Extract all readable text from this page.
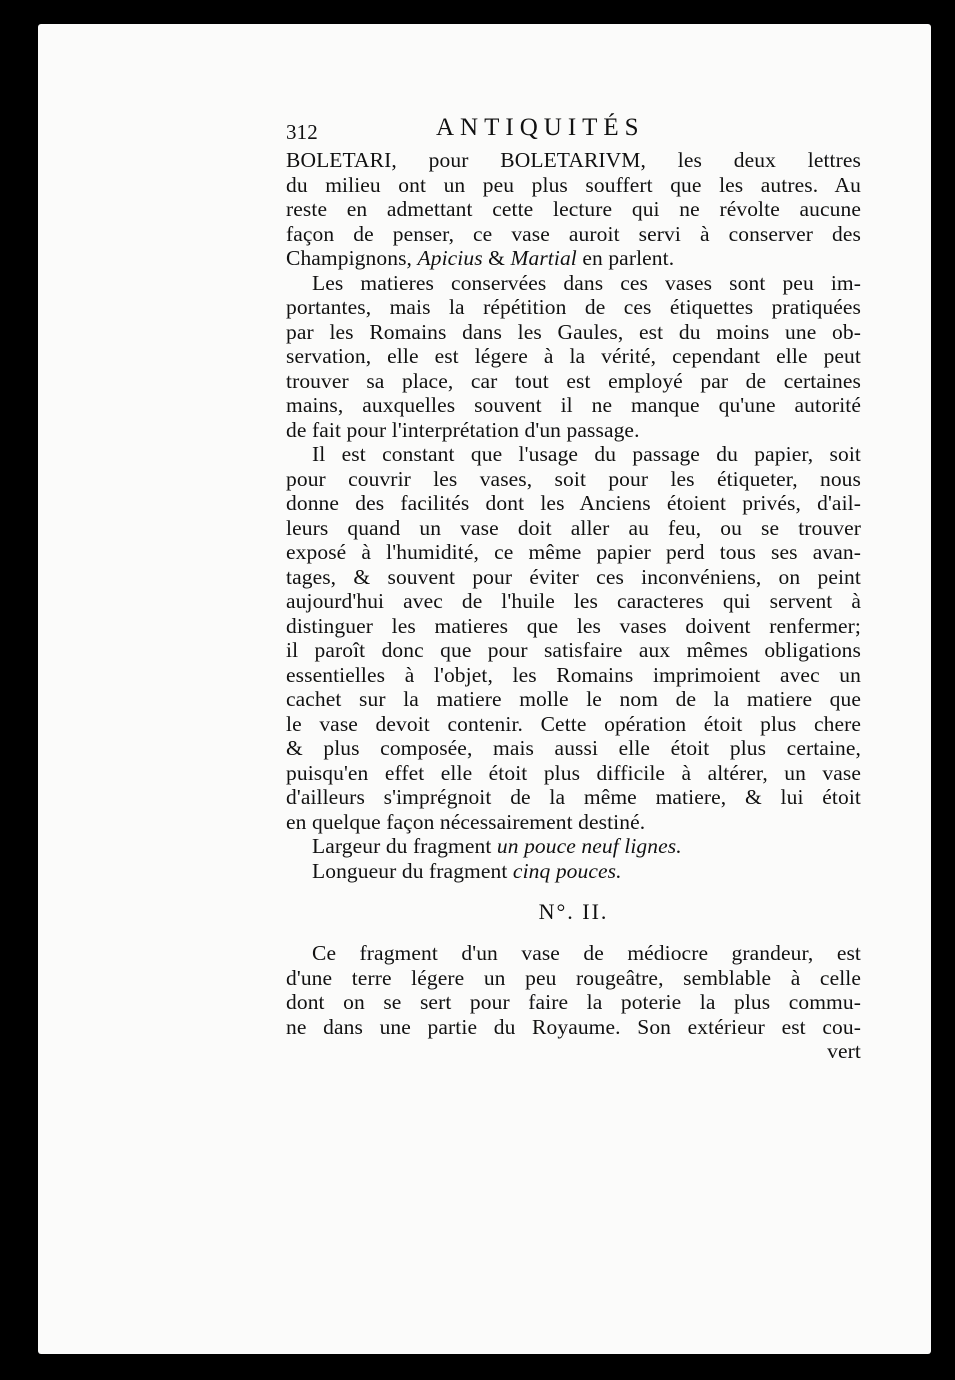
312	ANTIQUITÉS
BOLETARI, pour BOLETARIVM, les deux lettres
du milieu ont un peu plus souffert que les autres. Au
reste en admettant cette lecture qui ne révolte aucune
façon de penser, ce vase auroit servi à conserver des
Champignons, Apicius & Martial en parlent.
Les matieres conservées dans ces vases sont peu im-
portantes, mais la répétition de ces étiquettes pratiquées
par les Romains dans les Gaules, est du moins une ob-
servation, elle est légere à la vérité, cependant elle peut
trouver sa place, car tout est employé par de certaines
mains, auxquelles souvent il ne manque qu'une autorité
de fait pour l'interprétation d'un passage.
Il est constant que l'usage du passage du papier, soit
pour couvrir les vases, soit pour les étiqueter, nous
donne des facilités dont les Anciens étoient privés, d'ail-
leurs quand un vase doit aller au feu, ou se trouver
exposé à l'humidité, ce même papier perd tous ses avan-
tages, & souvent pour éviter ces inconvéniens, on peint
aujourd'hui avec de l'huile les caracteres qui servent à
distinguer les matieres que les vases doivent renfermer;
il paroît donc que pour satisfaire aux mêmes obligations
essentielles à l'objet, les Romains imprimoient avec un
cachet sur la matiere molle le nom de la matiere que
le vase devoit contenir. Cette opération étoit plus chere
& plus composée, mais aussi elle étoit plus certaine,
puisqu'en effet elle étoit plus difficile à altérer, un vase
d'ailleurs s'imprégnoit de la même matiere, & lui étoit
en quelque façon nécessairement destiné.
Largeur du fragment un pouce neuf lignes.
Longueur du fragment cinq pouces.
N°. II.
Ce fragment d'un vase de médiocre grandeur, est
d'une terre légere un peu rougeâtre, semblable à celle
dont on se sert pour faire la poterie la plus commu-
ne dans une partie du Royaume. Son extérieur est cou-
vert
